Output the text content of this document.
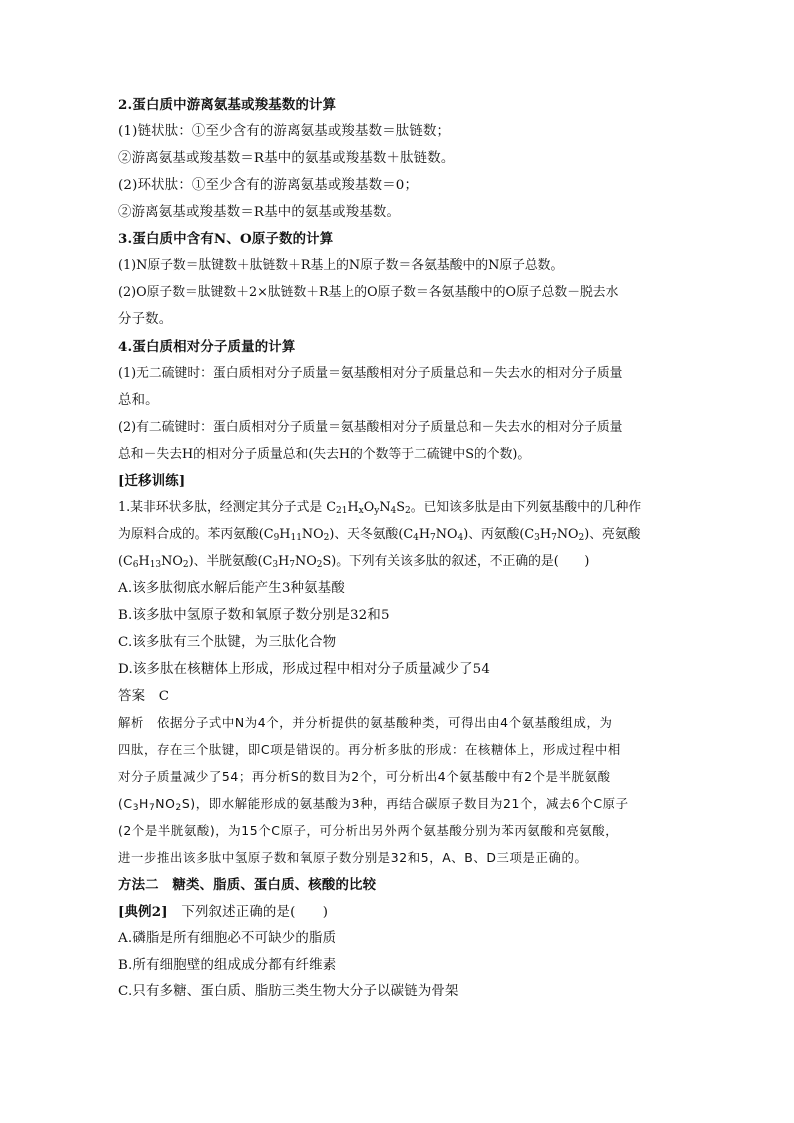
2.蛋白质中游离氨基或羧基数的计算
(1)链状肽：①至少含有的游离氨基或羧基数＝肽链数；
②游离氨基或羧基数＝R基中的氨基或羧基数＋肽链数。
(2)环状肽：①至少含有的游离氨基或羧基数＝0；
②游离氨基或羧基数＝R基中的氨基或羧基数。
3.蛋白质中含有N、O原子数的计算
(1)N原子数＝肽键数＋肽链数＋R基上的N原子数＝各氨基酸中的N原子总数。
(2)O原子数＝肽键数＋2×肽链数＋R基上的O原子数＝各氨基酸中的O原子总数－脱去水
分子数。
4.蛋白质相对分子质量的计算
(1)无二硫键时：蛋白质相对分子质量＝氨基酸相对分子质量总和－失去水的相对分子质量
总和。
(2)有二硫键时：蛋白质相对分子质量＝氨基酸相对分子质量总和－失去水的相对分子质量
总和－失去H的相对分子质量总和(失去H的个数等于二硫键中S的个数)。
[迁移训练]
1.某非环状多肽，经测定其分子式是 $C_{21}H_xO_yN_4S_2$。已知该多肽是由下列氨基酸中的几种作
为原料合成的。苯丙氨酸$(C_9H_{11}NO_2)$、天冬氨酸$(C_4H_7NO_4)$、丙氨酸$(C_3H_7NO_2)$、亮氨酸
$(C_6H_{13}NO_2)$、半胱氨酸$(C_3H_7NO_2S)$。下列有关该多肽的叙述，不正确的是(　　)
A.该多肽彻底水解后能产生3种氨基酸
B.该多肽中氢原子数和氧原子数分别是32和5
C.该多肽有三个肽键，为三肽化合物
D.该多肽在核糖体上形成，形成过程中相对分子质量减少了54
答案　C
解析　依据分子式中N为4个，并分析提供的氨基酸种类，可得出由4个氨基酸组成，为
四肽，存在三个肽键，即C项是错误的。再分析多肽的形成：在核糖体上，形成过程中相
对分子质量减少了54；再分析S的数目为2个，可分析出4个氨基酸中有2个是半胱氨酸
$(C_3H_7NO_2S)$，即水解能形成的氨基酸为3种，再结合碳原子数目为21个，减去6个C原子
(2个是半胱氨酸)，为15个C原子，可分析出另外两个氨基酸分别为苯丙氨酸和亮氨酸，
进一步推出该多肽中氢原子数和氧原子数分别是32和5，A、B、D三项是正确的。
方法二　糖类、脂质、蛋白质、核酸的比较
[典例2]　下列叙述正确的是(　　)
A.磷脂是所有细胞必不可缺少的脂质
B.所有细胞壁的组成成分都有纤维素
C.只有多糖、蛋白质、脂肪三类生物大分子以碳链为骨架
